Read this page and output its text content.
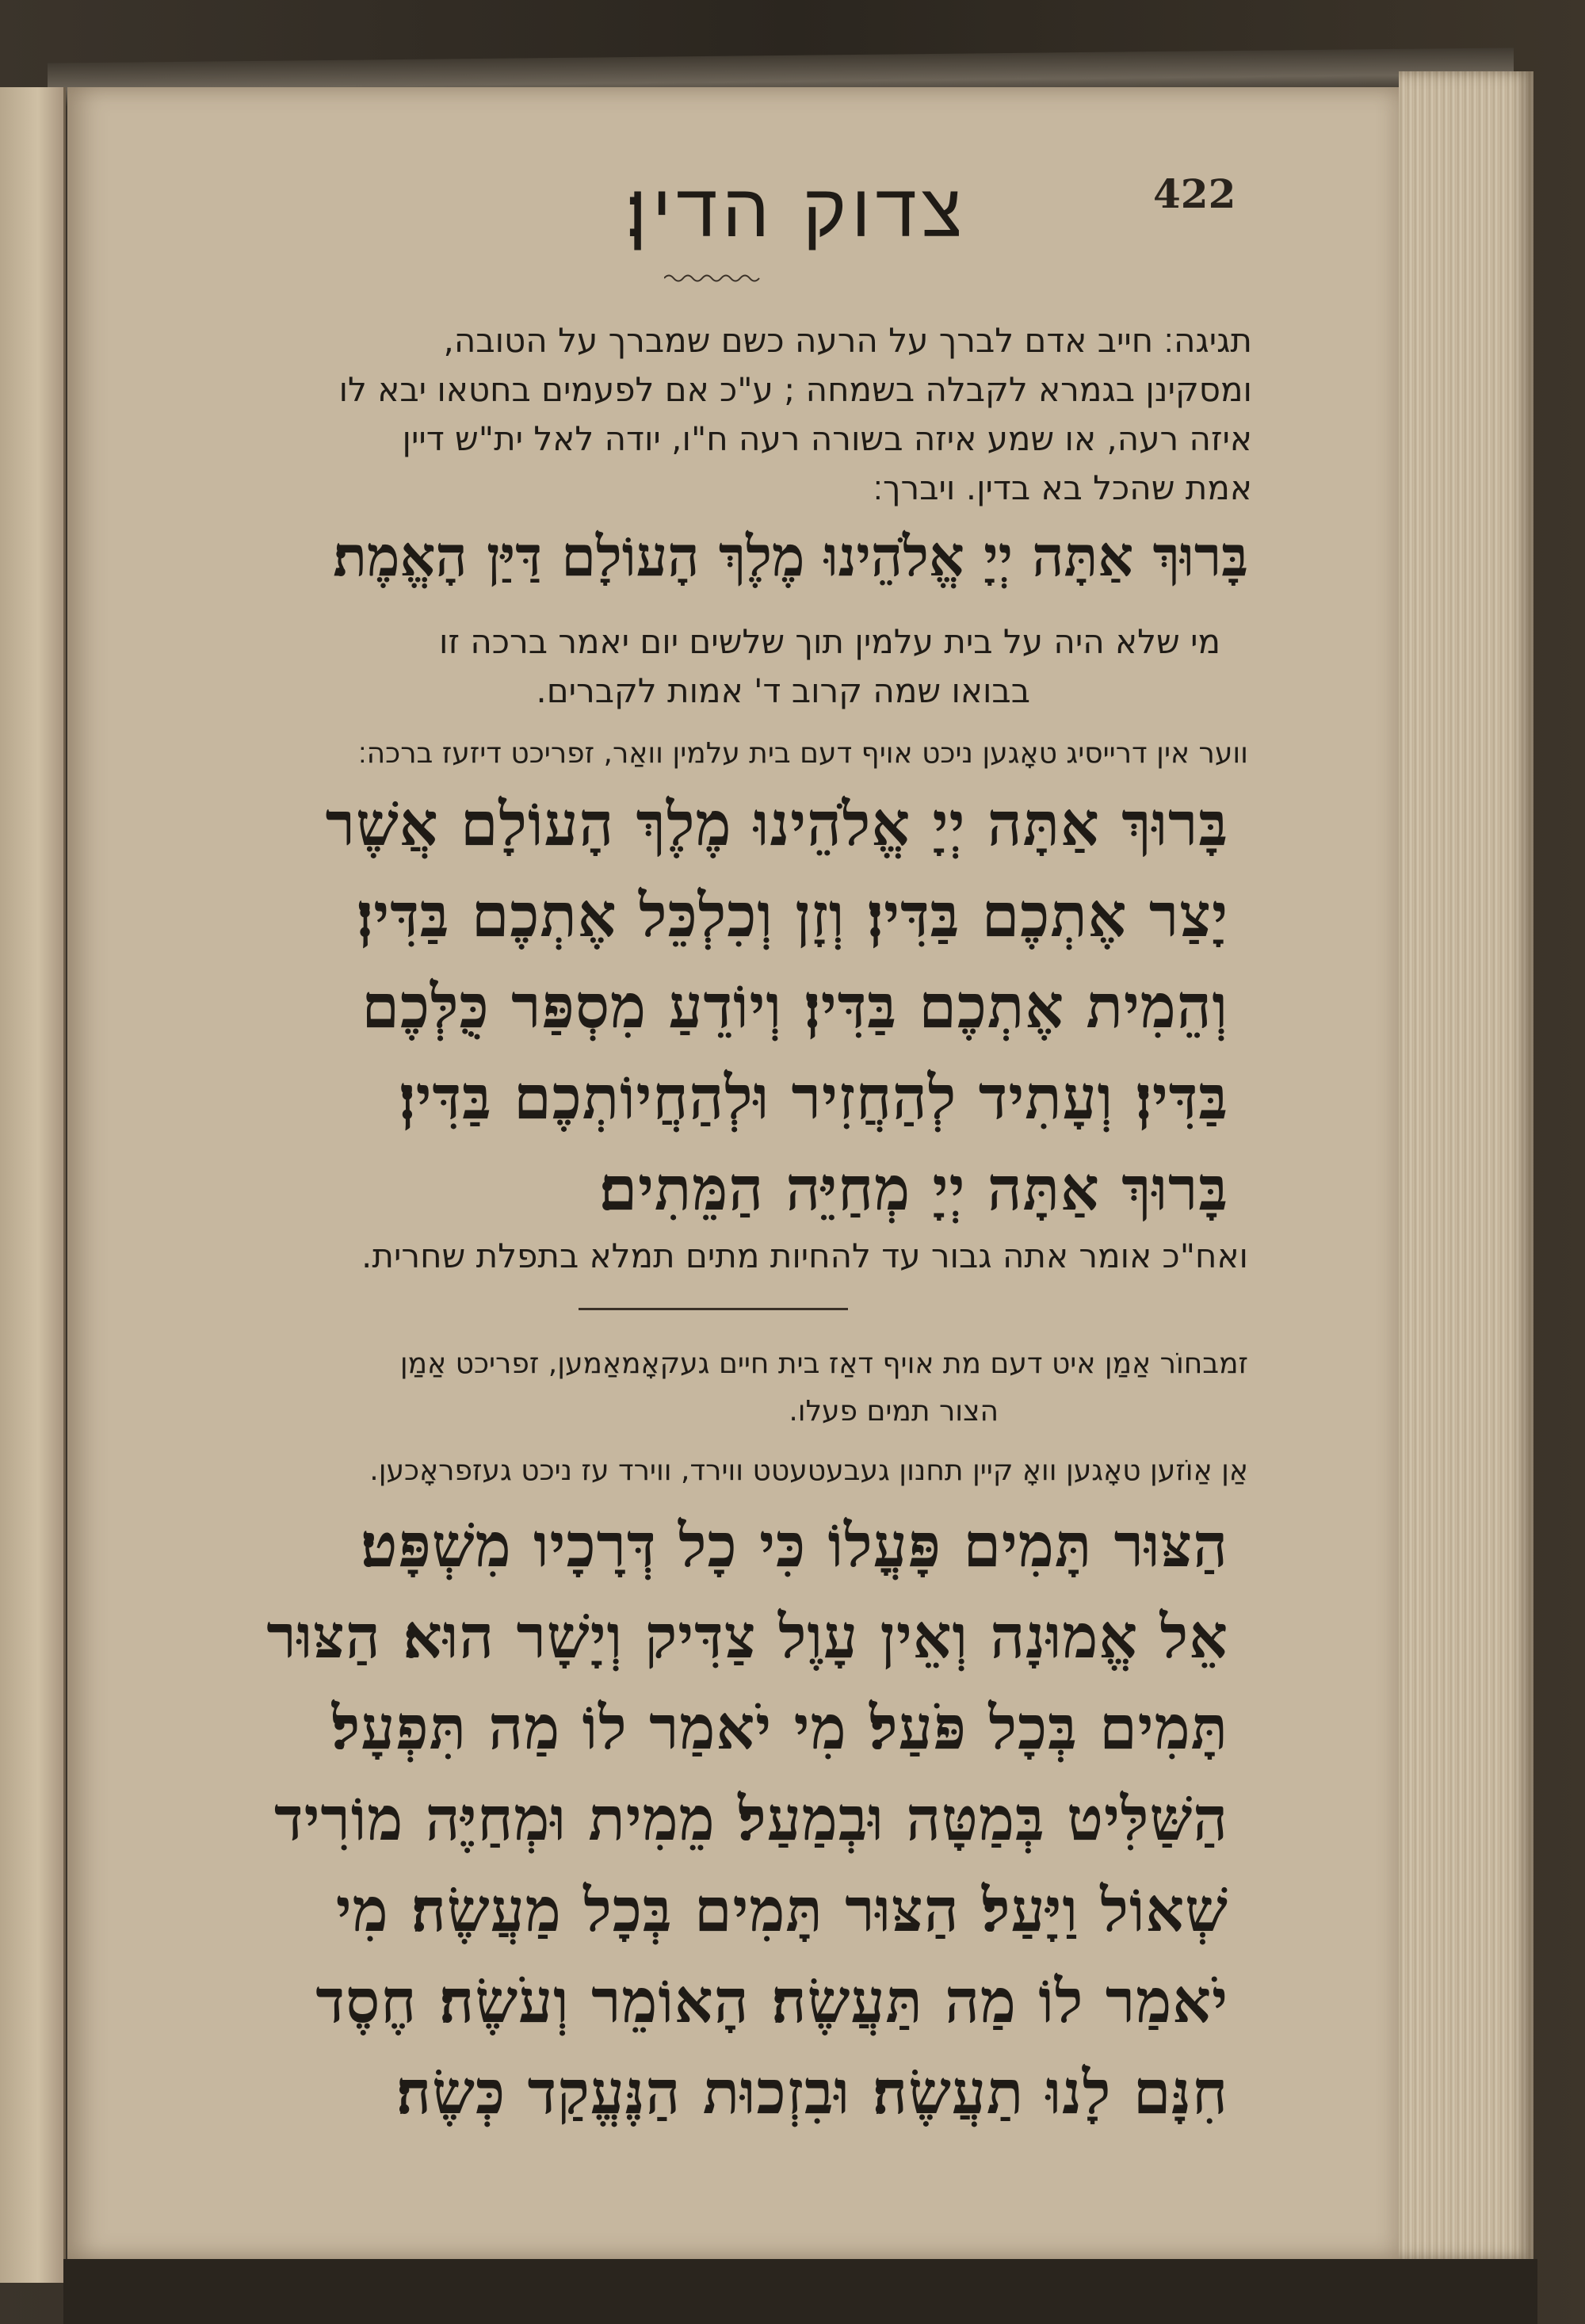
422
צדוק הדין׃
תגיגה׃ חייב אדם לברך על הרעה כשם שמברך על הטובה,
ומסקינן בגמרא לקבלה בשמחה ; ע"כ אם לפעמים בחטאו יבא לו
איזה רעה, או שמע איזה בשורה רעה ח"ו, יודה לאל ית"ש דיין
אמת שהכל בא בדין. ויברך׃
בָּרוּךְ אַתָּה יְיָ אֱלֹהֵינוּ מֶלֶךְ הָעוֹלָם דַּיַּן הָאֱמֶת׃
מי שלא היה על בית עלמין תוך שלשים יום יאמר ברכה זו
בבואו שמה קרוב ד' אמות לקברים.
ווער אין דרייסיג טאָגען ניכט אויף דעם בית עלמין וואַר, זפריכט דיזעז ברכה׃
בָּרוּךְ אַתָּה יְיָ אֱלֹהֵינוּ מֶלֶךְ הָעוֹלָם אֲשֶׁר
יָצַר אֶתְכֶם בַּדִּין׃ וְזָן וְכִלְכֵּל אֶתְכֶם בַּדִּין׃
וְהֵמִית אֶתְכֶם בַּדִּין׃ וְיוֹדֵעַ מִסְפַּר כֻּלְּכֶם
בַּדִּין׃ וְעָתִיד לְהַחֲזִיר וּלְהַחֲיוֹתְכֶם בַּדִּין׃
בָּרוּךְ אַתָּה יְיָ מְחַיֵּה הַמֵּתִים׃
ואח"כ אומר אתה גבור עד להחיות מתים תמלא בתפלת שחרית.
זמבחוֹר אַמַן איט דעם מת אויף דאַז בית חיים געקאָמאַמען, זפריכט אַמַן
הצור תמים פעלו.
אַן אַוֹזען טאָגען וואָ קיין תחנון געבעטעטט ווירד, ווירד עז ניכט געזפראָכען.
הַצּוּר תָּמִים פָּעֳלוֹ כִּי כָל דְּרָכָיו מִשְׁפָּט׃
אֵל אֱמוּנָה וְאֵין עָוֶל צַדִּיק וְיָשָׁר הוּא׃ הַצּוּר
תָּמִים בְּכָל פֹּעַל׃ מִי יֹאמַר לוֹ מַה תִּפְעָל׃
הַשַּׁלִּיט בְּמַטָּה וּבְמַעַל׃ מֵמִית וּמְחַיֶּה מוֹרִיד
שְׁאוֹל וַיָּעַל׃ הַצּוּר תָּמִים בְּכָל מַעֲשֶׂה׃ מִי
יֹאמַר לוֹ מַה תַּעֲשֶׂה׃ הָאוֹמֵר וְעֹשֶׂה׃ חֶסֶד
חִנָּם לָנוּ תַעֲשֶׂה׃ וּבִזְכוּת הַנֶּעֱקַד כְּשֶׂה׃
